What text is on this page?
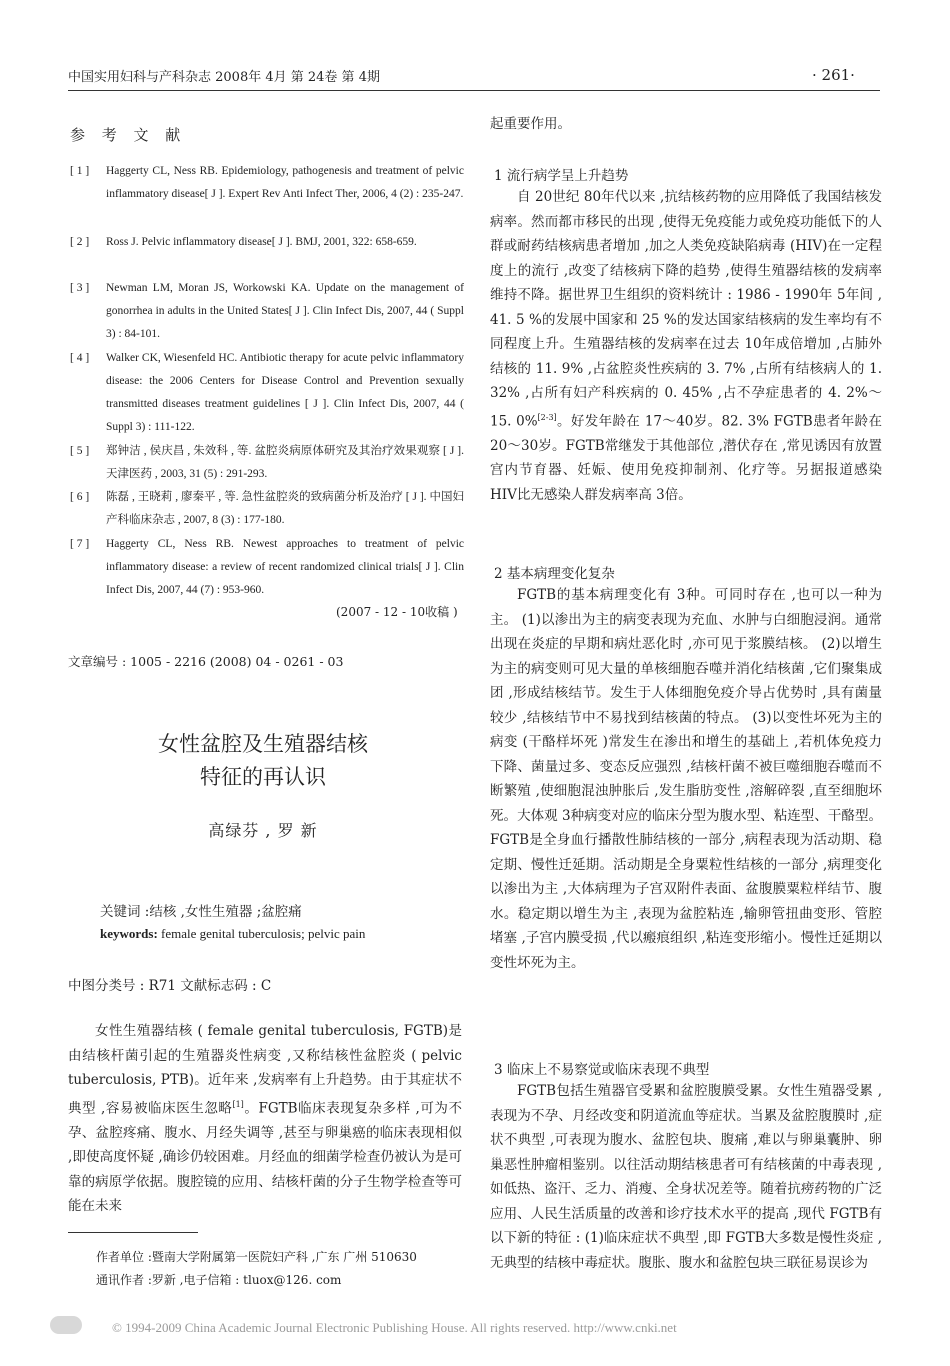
中国实用妇科与产科杂志 2008年 4月 第 24卷 第 4期	· 261·
参 考 文 献
[ 1 ]	Haggerty CL, Ness RB. Epidemiology, pathogenesis and treatment of pelvic inflammatory disease[ J ]. Expert Rev Anti Infect Ther, 2006, 4 (2) : 235-247.
[ 2 ]	Ross J. Pelvic inflammatory disease[ J ]. BMJ, 2001, 322: 658-659.
[ 3 ]	Newman LM, Moran JS, Workowski KA. Update on the management of gonorrhea in adults in the United States[ J ]. Clin Infect Dis, 2007, 44 ( Suppl 3) : 84-101.
[ 4 ]	Walker CK, Wiesenfeld HC. Antibiotic therapy for acute pelvic inflammatory disease: the 2006 Centers for Disease Control and Prevention sexually transmitted diseases treatment guidelines [ J ]. Clin Infect Dis, 2007, 44 ( Suppl 3) : 111-122.
[ 5 ]	郑钟洁 , 侯庆昌 , 朱效科 , 等. 盆腔炎病原体研究及其治疗效果观察 [ J ]. 天津医药 , 2003, 31 (5) : 291-293.
[ 6 ]	陈磊 , 王晓莉 , 廖秦平 , 等. 急性盆腔炎的致病菌分析及治疗 [ J ]. 中国妇产科临床杂志 , 2007, 8 (3) : 177-180.
[ 7 ]	Haggerty CL, Ness RB. Newest approaches to treatment of pelvic inflammatory disease: a review of recent randomized clinical trials[ J ]. Clin Infect Dis, 2007, 44 (7) : 953-960.
(2007 - 12 - 10收稿 )
文章编号 : 1005 - 2216 (2008) 04 - 0261 - 03
女性盆腔及生殖器结核
特征的再认识
高绿芬 , 罗 新
关键词 :结核 ,女性生殖器 ;盆腔痛
keywords: female genital tuberculosis; pelvic pain
中图分类号 : R71 文献标志码 : C
女性生殖器结核 ( female genital tuberculosis, FGTB)是由结核杆菌引起的生殖器炎性病变 ,又称结核性盆腔炎 ( pelvic tuberculosis, PTB)。近年来 ,发病率有上升趋势。由于其症状不典型 ,容易被临床医生忽略[1]。FGTB临床表现复杂多样 ,可为不孕、盆腔疼痛、腹水、月经失调等 ,甚至与卵巢癌的临床表现相似 ,即使高度怀疑 ,确诊仍较困难。月经血的细菌学检查仍被认为是可靠的病原学依据。腹腔镜的应用、结核杆菌的分子生物学检查等可能在未来
作者单位 :暨南大学附属第一医院妇产科 ,广东 广州 510630
通讯作者 :罗新 ,电子信箱 : tluox@126. com
起重要作用。
1 流行病学呈上升趋势
自 20世纪 80年代以来 ,抗结核药物的应用降低了我国结核发病率。然而都市移民的出现 ,使得无免疫能力或免疫功能低下的人群或耐药结核病患者增加 ,加之人类免疫缺陷病毒 (HIV)在一定程度上的流行 ,改变了结核病下降的趋势 ,使得生殖器结核的发病率维持不降。据世界卫生组织的资料统计 : 1986 - 1990年 5年间 , 41. 5 %的发展中国家和 25 %的发达国家结核病的发生率均有不同程度上升。生殖器结核的发病率在过去 10年成倍增加 ,占肺外结核的 11. 9% ,占盆腔炎性疾病的 3. 7% ,占所有结核病人的 1. 32% ,占所有妇产科疾病的 0. 45% ,占不孕症患者的 4. 2%～15. 0%[2-3]。好发年龄在 17～40岁。82. 3% FGTB患者年龄在 20～30岁。FGTB常继发于其他部位 ,潜伏存在 ,常见诱因有放置宫内节育器、妊娠、使用免疫抑制剂、化疗等。另据报道感染 HIV比无感染人群发病率高 3倍。
2 基本病理变化复杂
FGTB的基本病理变化有 3种。可同时存在 ,也可以一种为主。 (1)以渗出为主的病变表现为充血、水肿与白细胞浸润。通常出现在炎症的早期和病灶恶化时 ,亦可见于浆膜结核。 (2)以增生为主的病变则可见大量的单核细胞吞噬并消化结核菌 ,它们聚集成团 ,形成结核结节。发生于人体细胞免疫介导占优势时 ,具有菌量较少 ,结核结节中不易找到结核菌的特点。 (3)以变性坏死为主的病变 (干酪样坏死 )常发生在渗出和增生的基础上 ,若机体免疫力下降、菌量过多、变态反应强烈 ,结核杆菌不被巨噬细胞吞噬而不断繁殖 ,使细胞混浊肿胀后 ,发生脂肪变性 ,溶解碎裂 ,直至细胞坏死。大体观 3种病变对应的临床分型为腹水型、粘连型、干酪型。FGTB是全身血行播散性肺结核的一部分 ,病程表现为活动期、稳定期、慢性迁延期。活动期是全身粟粒性结核的一部分 ,病理变化以渗出为主 ,大体病理为子宫双附件表面、盆腹膜粟粒样结节、腹水。稳定期以增生为主 ,表现为盆腔粘连 ,输卵管扭曲变形、管腔堵塞 ,子宫内膜受损 ,代以瘢痕组织 ,粘连变形缩小。慢性迁延期以变性坏死为主。
3 临床上不易察觉或临床表现不典型
FGTB包括生殖器官受累和盆腔腹膜受累。女性生殖器受累 ,表现为不孕、月经改变和阴道流血等症状。当累及盆腔腹膜时 ,症状不典型 ,可表现为腹水、盆腔包块、腹痛 ,难以与卵巢囊肿、卵巢恶性肿瘤相鉴别。以往活动期结核患者可有结核菌的中毒表现 ,如低热、盗汗、乏力、消瘦、全身状况差等。随着抗痨药物的广泛应用、人民生活质量的改善和诊疗技术水平的提高 ,现代 FGTB有以下新的特征 : (1)临床症状不典型 ,即 FGTB大多数是慢性炎症 ,无典型的结核中毒症状。腹胀、腹水和盆腔包块三联征易误诊为
© 1994-2009 China Academic Journal Electronic Publishing House. All rights reserved. http://www.cnki.net
